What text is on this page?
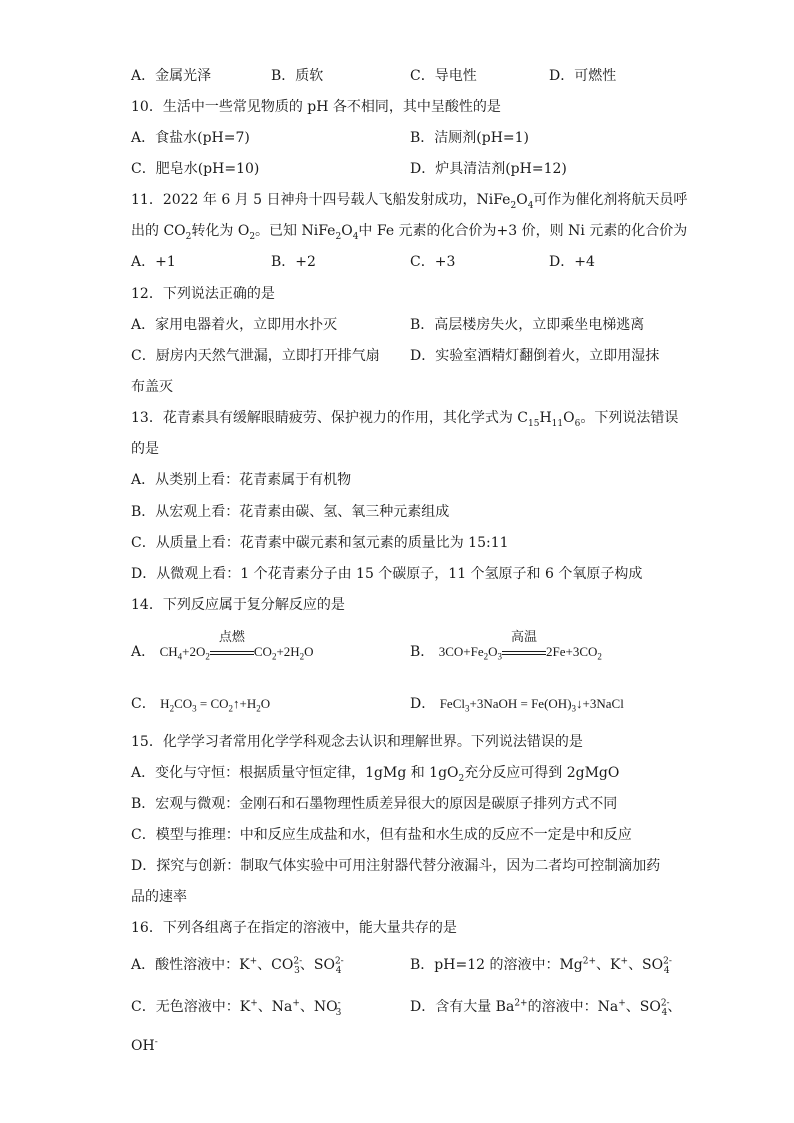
A．金属光泽	B．质软	C．导电性	D．可燃性
10．生活中一些常见物质的 pH 各不相同，其中呈酸性的是
A．食盐水(pH=7)	B．洁厕剂(pH=1)
C．肥皂水(pH=10)	D．炉具清洁剂(pH=12)
11．2022 年 6 月 5 日神舟十四号载人飞船发射成功，$NiFe_2O_4$可作为催化剂将航天员呼
出的 $CO_2$转化为 $O_2$。已知 $NiFe_2O_4$中 Fe 元素的化合价为+3 价，则 Ni 元素的化合价为
A．+1	B．+2	C．+3	D．+4
12．下列说法正确的是
A．家用电器着火，立即用水扑灭	B．高层楼房失火，立即乘坐电梯逃离
C．厨房内天然气泄漏，立即打开排气扇 D．实验室酒精灯翻倒着火，立即用湿抹
布盖灭
13．花青素具有缓解眼睛疲劳、保护视力的作用，其化学式为 $C_{15}H_{11}O_6$。下列说法错误
的是
A．从类别上看：花青素属于有机物
B．从宏观上看：花青素由碳、氢、氧三种元素组成
C．从质量上看：花青素中碳元素和氢元素的质量比为 15:11
D．从微观上看：1 个花青素分子由 15 个碳原子，11 个氢原子和 6 个氧原子构成
14．下列反应属于复分解反应的是
A． $CH_4+2O_2$
点燃
$CO_2+2H_2O$	B． $3CO+Fe_2O_3$
高温
$2Fe+3CO_2$
C． $H_2CO_3$ = $CO_2↑+H_2O$	D． FeCl$_3$+3NaOH = $Fe(OH)_3↓+3NaCl$
15．化学学习者常用化学学科观念去认识和理解世界。下列说法错误的是
A．变化与守恒：根据质量守恒定律，1gMg 和 $1gO_2$充分反应可得到 2gMgO
B．宏观与微观：金刚石和石墨物理性质差异很大的原因是碳原子排列方式不同
C．模型与推理：中和反应生成盐和水，但有盐和水生成的反应不一定是中和反应
D．探究与创新：制取气体实验中可用注射器代替分液漏斗，因为二者均可控制滴加药
品的速率
16．下列各组离子在指定的溶液中，能大量共存的是
A．酸性溶液中：K+、$CO^{2-}_3$、$SO^{2-}_4$	B．pH=12 的溶液中：$Mg^{2+}$、K+、$SO^{2-}_4$
C．无色溶液中：K+、Na+、$NO^-_3$	D．含有大量 $Ba^{2+}$的溶液中：Na+、$SO^{2-}_4$、
OH-
